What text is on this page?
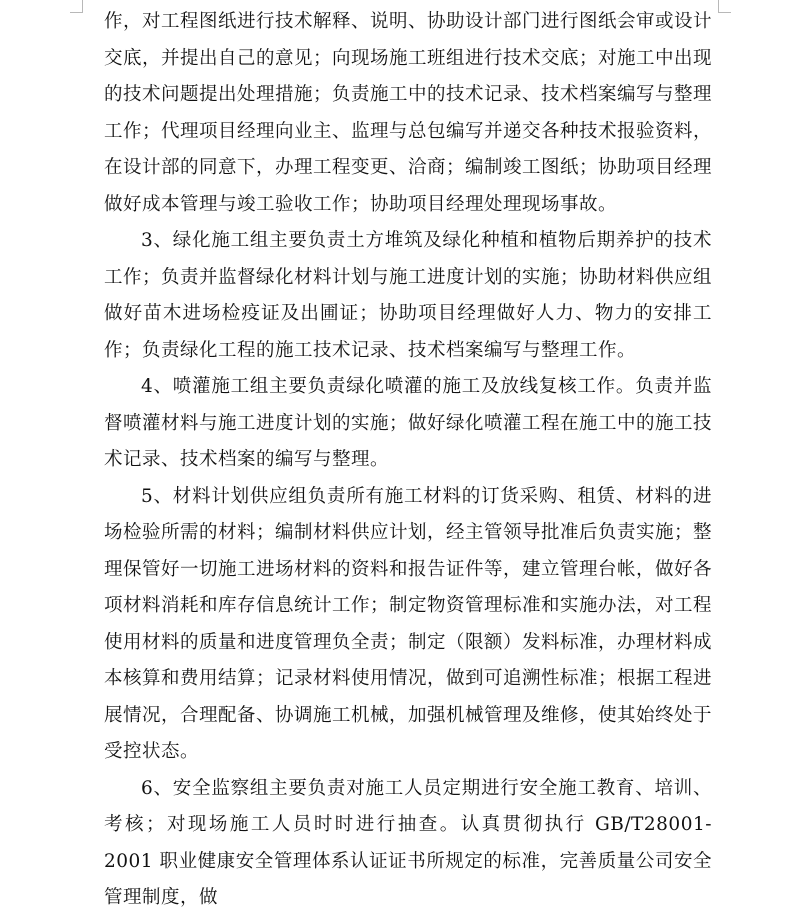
作，对工程图纸进行技术解释、说明、协助设计部门进行图纸会审或设计交底，并提出自己的意见；向现场施工班组进行技术交底；对施工中出现的技术问题提出处理措施；负责施工中的技术记录、技术档案编写与整理工作；代理项目经理向业主、监理与总包编写并递交各种技术报验资料，在设计部的同意下，办理工程变更、洽商；编制竣工图纸；协助项目经理做好成本管理与竣工验收工作；协助项目经理处理现场事故。

3、绿化施工组主要负责土方堆筑及绿化种植和植物后期养护的技术工作；负责并监督绿化材料计划与施工进度计划的实施；协助材料供应组做好苗木进场检疫证及出圃证；协助项目经理做好人力、物力的安排工作；负责绿化工程的施工技术记录、技术档案编写与整理工作。

4、喷灌施工组主要负责绿化喷灌的施工及放线复核工作。负责并监督喷灌材料与施工进度计划的实施；做好绿化喷灌工程在施工中的施工技术记录、技术档案的编写与整理。

5、材料计划供应组负责所有施工材料的订货采购、租赁、材料的进场检验所需的材料；编制材料供应计划，经主管领导批准后负责实施；整理保管好一切施工进场材料的资料和报告证件等，建立管理台帐，做好各项材料消耗和库存信息统计工作；制定物资管理标准和实施办法，对工程使用材料的质量和进度管理负全责；制定（限额）发料标准，办理材料成本核算和费用结算；记录材料使用情况，做到可追溯性标准；根据工程进展情况，合理配备、协调施工机械，加强机械管理及维修，使其始终处于受控状态。

6、安全监察组主要负责对施工人员定期进行安全施工教育、培训、考核；对现场施工人员时时进行抽查。认真贯彻执行 GB/T28001-2001 职业健康安全管理体系认证证书所规定的标准，完善质量公司安全管理制度，做
